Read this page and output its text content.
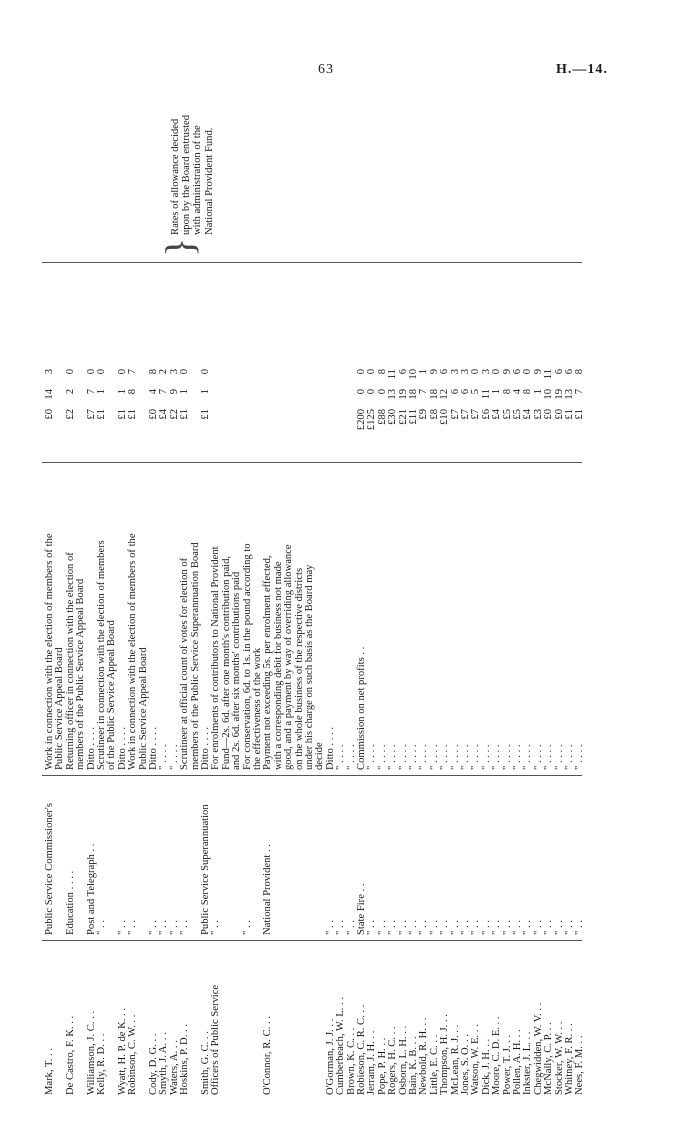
63	H.—14.
}
Rates of allowance decided upon by the Board entrusted with administration of the National Provident Fund.
Mark, T. . .
Public Service Commissioner's
Work in connection with the election of members of the
£0143
Public Service Appeal Board
De Castro, F. K. . .
Education . . . .
Returning officer in connection with the election of
£220
members of the Public Service Appeal Board
Williamson, J. C. . .
Post and Telegraph . .
Ditto . . . .
£770
Kelly, R. D. . .
" . .
Scrutineer in connection with the election of members
£110
of the Public Service Appeal Board
Wyatt, H. P. de K. . .
" . .
Ditto . . . .
£110
Robinson, C. W. . .
" . .
Work in connection with the election of members of the
£187
Public Service Appeal Board
Cody, D. G. . .
" . .
Ditto . . . .
£048
Smyth, J. A. . .
" . .
" . . . .
£472
Waters, A. . .
" . .
" . . . .
£293
Hoskins, P. D. . .
" . .
Scrutineer at official count of votes for election of
£110
members of the Public Service Superannuation Board
Smith, G. C. . .
Public Service Superannuation
Ditto . . . .
£110
Officers of Public Service
" . .
For enrolments of contributors to National Provident Fund—2s. 6d. after one month's contribution paid, and 2s. 6d. after six months' contributions paid
" . .
For conservation, 6d. to 1s. in the pound according to the effectiveness of the work
O'Connor, R. C. . .
National Provident . .
Payment not exceeding 5s. per enrolment effected, with a corresponding debit for business not made good, and a payment by way of overriding allowance on the whole business of the respective districts under his charge on such basis as the Board may decide
O'Gorman, J. J. . .
" . .
Ditto . . . .
Cumberbeach, W. L. . .
" . .
" . . . .
Brown, K. C. . .
" . .
" . . . .
Robieson, C. R. C. . .
State Fire . .
Commission on net profits . .
£20000
Jerram, J. H. . .
" . .
" . . . .
£12500
Pope, P. H. . .
" . .
" . . . .
£8808
Rogers, H. C. . .
" . .
" . . . .
£301311
Osborn, L. H. . .
" . .
" . . . .
£21196
Bain, K. B. . .
" . .
" . . . .
£111810
Newbold, R. H. . .
" . .
" . . . .
£971
Little, E. C. . .
" . .
" . . . .
£8189
Thompson, H. J. . .
" . .
" . . . .
£10126
McLean, R. J. . .
" . .
" . . . .
£763
Jones, S. O. . .
" . .
" . . . .
£763
Watson, W. E. . .
" . .
" . . . .
£750
Dick, J. H. . .
" . .
" . . . .
£6113
Moore, C. D. E. . .
" . .
" . . . .
£410
Power, T. J. . .
" . .
" . . . .
£589
Pollen, A. H. . .
" . .
" . . . .
£546
Inkster, J. L. . .
" . .
" . . . .
£480
Chegwidden, W. V. . .
" . .
" . . . .
£319
McNally, C. P. . .
" . .
" . . . .
£01011
Stocker, W. W. . .
" . .
" . . . .
£0196
Whitney, F. R. . .
" . .
" . . . .
£1136
Nees, F. M. . .
" . .
" . . . .
£178
